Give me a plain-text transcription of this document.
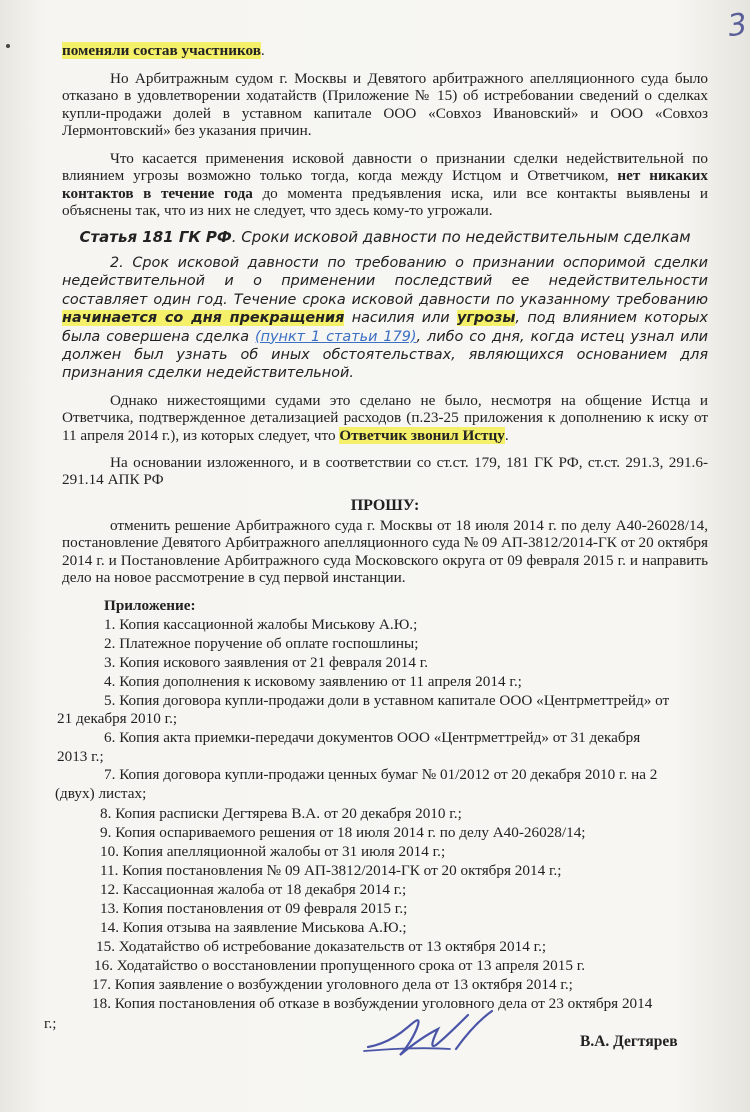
3
поменяли состав участников.
Но Арбитражным судом г. Москвы и Девятого арбитражного апелляционного суда было отказано в удовлетворении ходатайств (Приложение № 15) об истребовании сведений о сделках купли-продажи долей в уставном капитале ООО «Совхоз Ивановский» и ООО «Совхоз Лермонтовский» без указания причин.
Что касается применения исковой давности о признании сделки недействительной по влиянием угрозы возможно только тогда, когда между Истцом и Ответчиком, нет никаких контактов в течение года до момента предъявления иска, или все контакты выявлены и объяснены так, что из них не следует, что здесь кому-то угрожали.
Статья 181 ГК РФ. Сроки исковой давности по недействительным сделкам
2. Срок исковой давности по требованию о признании оспоримой сделки недействительной и о применении последствий ее недействительности составляет один год. Течение срока исковой давности по указанному требованию начинается со дня прекращения насилия или угрозы, под влиянием которых была совершена сделка (пункт 1 статьи 179), либо со дня, когда истец узнал или должен был узнать об иных обстоятельствах, являющихся основанием для признания сделки недействительной.
Однако нижестоящими судами это сделано не было, несмотря на общение Истца и Ответчика, подтвержденное детализацией расходов (п.23-25 приложения к дополнению к иску от 11 апреля 2014 г.), из которых следует, что Ответчик звонил Истцу.
На основании изложенного, и в соответствии со ст.ст. 179, 181 ГК РФ, ст.ст. 291.3, 291.6-291.14 АПК РФ
ПРОШУ:
отменить решение Арбитражного суда г. Москвы от 18 июля 2014 г. по делу А40-26028/14, постановление Девятого Арбитражного апелляционного суда № 09 АП-3812/2014-ГК от 20 октября 2014 г. и Постановление Арбитражного суда Московского округа от 09 февраля 2015 г. и направить дело на новое рассмотрение в суд первой инстанции.
Приложение:
1. Копия кассационной жалобы Миськову А.Ю.;
2. Платежное поручение об оплате госпошлины;
3. Копия искового заявления от 21 февраля 2014 г.
4. Копия дополнения к исковому заявлению от 11 апреля 2014 г.;
5. Копия договора купли-продажи доли в уставном капитале ООО «Центрметтрейд» от
21 декабря 2010 г.;
6. Копия акта приемки-передачи документов ООО «Центрметтрейд» от 31 декабря
2013 г.;
7. Копия договора купли-продажи ценных бумаг № 01/2012 от 20 декабря 2010 г. на 2
(двух) листах;
8. Копия расписки Дегтярева В.А. от 20 декабря 2010 г.;
9. Копия оспариваемого решения от 18 июля 2014 г. по делу А40-26028/14;
10. Копия апелляционной жалобы от 31 июля 2014 г.;
11. Копия постановления № 09 АП-3812/2014-ГК от 20 октября 2014 г.;
12. Кассационная жалоба от 18 декабря 2014 г.;
13. Копия постановления от 09 февраля 2015 г.;
14. Копия отзыва на заявление Миськова А.Ю.;
15. Ходатайство об истребование доказательств от 13 октября 2014 г.;
16. Ходатайство о восстановлении пропущенного срока от 13 апреля 2015 г.
17. Копия заявление о возбуждении уголовного дела от 13 октября 2014 г.;
18. Копия постановления об отказе в возбуждении уголовного дела от 23 октября 2014
г.;
В.А. Дегтярев
